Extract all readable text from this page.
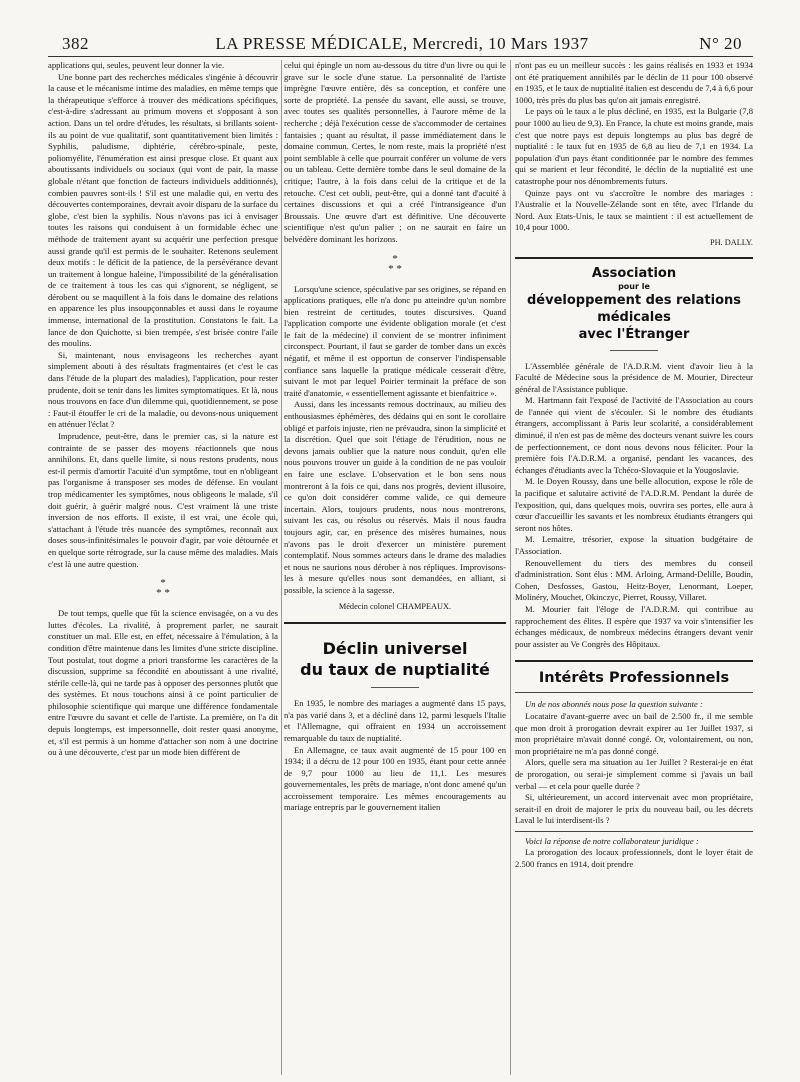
382	LA PRESSE MÉDICALE, Mercredi, 10 Mars 1937	N° 20

applications qui, seules, peuvent leur donner la vie.

Une bonne part des recherches médicales s'ingénie à découvrir la cause et le mécanisme intime des maladies, en même temps que la thérapeutique s'efforce à trouver des médications spécifiques, c'est-à-dire s'adressant au primum movens et s'opposant à son action. Dans un tel ordre d'études, les résultats, si brillants soient-ils au point de vue qualitatif, sont quantitativement bien limités : Syphilis, paludisme, diphtérie, cérébro-spinale, peste, poliomyélite, l'énumération est ainsi presque close. Et quant aux aboutissants individuels ou sociaux (qui vont de pair, la masse globale n'étant que fonction de facteurs individuels additionnés), combien pauvres sont-ils ! S'il est une maladie qui, en vertu des découvertes contemporaines, devrait avoir disparu de la surface du globe, c'est bien la syphilis. Nous n'avons pas ici à envisager toutes les raisons qui conduisent à un formidable échec une méthode de traitement ayant su acquérir une perfection presque aussi grande qu'il est permis de le souhaiter. Retenons seulement deux motifs : le déficit de la patience, de la persévérance devant un traitement à longue haleine, l'impossibilité de la généralisation de ce traitement à tous les cas qui s'ignorent, se négligent, se dérobent ou se maquillent à la fois dans le domaine des relations en apparence les plus insoupçonnables et aussi dans le royaume immense, international de la prostitution. Constatons le fait. La lance de don Quichotte, si bien trempée, s'est brisée contre l'aile des moulins.

Si, maintenant, nous envisageons les recherches ayant simplement abouti à des résultats fragmentaires (et c'est le cas dans l'étude de la plupart des maladies), l'application, pour rester prudente, doit se tenir dans les limites symptomatiques. Et là, nous nous trouvons en face d'un dilemme qui, quotidiennement, se pose : Faut-il étouffer le cri de la maladie, ou devons-nous uniquement en atténuer l'éclat ?

Imprudence, peut-être, dans le premier cas, si la nature est contrainte de se passer des moyens réactionnels que nous annihilons. Et, dans quelle limite, si nous restons prudents, nous est-il permis d'amortir l'acuité d'un symptôme, tout en n'obligeant pas l'organisme à transposer ses modes de défense. En voulant trop médicamenter les symptômes, nous obligeons le malade, s'il doit guérir, à guérir malgré nous. C'est vraiment là une triste inversion de nos efforts. Il existe, il est vrai, une école qui, s'attachant à l'étude très nuancée des symptômes, reconnaît aux doses sous-infinitésimales le pouvoir d'agir, par voie détournée et en quelque sorte rétrograde, sur la cause même des maladies. Mais c'est là une autre question.

*
* *

De tout temps, quelle que fût la science envisagée, on a vu des luttes d'écoles. La rivalité, à proprement parler, ne saurait constituer un mal. Elle est, en effet, nécessaire à l'émulation, à la condition d'être maintenue dans les limites d'une stricte discipline. Tout postulat, tout dogme a priori transforme les caractères de la discussion, supprime sa fécondité en aboutissant à une rivalité, stérile celle-là, qui ne tarde pas à opposer des personnes plutôt que des systèmes. Et nous touchons ainsi à ce point particulier de philosophie scientifique qui marque une différence fondamentale entre l'œuvre du savant et celle de l'artiste. La première, on l'a dit depuis longtemps, est impersonnelle, doit rester quasi anonyme, et, s'il est permis à un homme d'attacher son nom à une doctrine ou à une découverte, c'est par un mode bien différent de

celui qui épingle un nom au-dessous du titre d'un livre ou qui le grave sur le socle d'une statue. La personnalité de l'artiste imprègne l'œuvre entière, dès sa conception, et confère une sorte de propriété. La pensée du savant, elle aussi, se trouve, avec toutes ses qualités personnelles, à l'aurore même de la recherche ; déjà l'exécution cesse de s'accommoder de certaines fantaisies ; quant au résultat, il passe immédiatement dans le domaine commun. Certes, le nom reste, mais la propriété n'est point semblable à celle que pourrait conférer un volume de vers ou un tableau. Cette dernière tombe dans le seul domaine de la critique; l'autre, à la fois dans celui de la critique et de la retouche. C'est cet oubli, peut-être, qui a donné tant d'acuité à certaines discussions et qui a créé l'intransigeance d'un Broussais. Une œuvre d'art est définitive. Une découverte scientifique n'est qu'un palier ; on ne saurait en faire un belvédère dominant les horizons.

*
* *

Lorsqu'une science, spéculative par ses origines, se répand en applications pratiques, elle n'a donc pu atteindre qu'un nombre bien restreint de certitudes, toutes discursives. Quand l'application comporte une évidente obligation morale (et c'est le fait de la médecine) il convient de se montrer infiniment circonspect. Pourtant, il faut se garder de tomber dans un excès négatif, et même il est opportun de conserver l'indispensable confiance sans laquelle la pratique médicale cesserait d'être, suivant le mot par lequel Poirier terminait la préface de son traité d'anatomie, « essentiellement agissante et bienfaitrice ».

Aussi, dans les incessants remous doctrinaux, au milieu des enthousiasmes éphémères, des dédains qui en sont le corollaire obligé et parfois injuste, rien ne prévaudra, sinon la simplicité et la discrétion. Quel que soit l'étiage de l'érudition, nous ne devons jamais oublier que la nature nous conduit, qu'en elle nous pouvons trouver un guide à la condition de ne pas vouloir en faire une esclave. L'observation et le bon sens nous montreront à la fois ce qui, dans nos progrès, devient illusoire, ce qu'on doit considérer comme valide, ce qui demeure incertain. Alors, toujours prudents, nous nous montrerons, suivant les cas, ou résolus ou réservés. Mais il nous faudra toujours agir, car, en présence des misères humaines, nous n'avons pas le droit d'exercer un ministère purement contemplatif. Nous sommes acteurs dans le drame des maladies et nous ne saurions nous dérober à nos répliques. Improvisons-les à mesure qu'elles nous sont demandées, en alliant, si possible, la science à la sagesse.

Médecin colonel CHAMPEAUX.
Déclin universel
du taux de nuptialité

En 1935, le nombre des mariages a augmenté dans 15 pays, n'a pas varié dans 3, et a décliné dans 12, parmi lesquels l'Italie et l'Allemagne, qui offraient en 1934 un accroissement remarquable du taux de nuptialité.

En Allemagne, ce taux avait augmenté de 15 pour 100 en 1934; il a décru de 12 pour 100 en 1935, étant pour cette année de 9,7 pour 1000 au lieu de 11,1. Les mesures gouvernementales, les prêts de mariage, n'ont donc amené qu'un accroissement temporaire. Les mêmes encouragements au mariage entrepris par le gouvernement italien

n'ont pas eu un meilleur succès : les gains réalisés en 1933 et 1934 ont été pratiquement annihilés par le déclin de 11 pour 100 observé en 1935, et le taux de nuptialité italien est descendu de 7,4 à 6,6 pour 1000, très près du plus bas qu'on ait jamais enregistré.

Le pays où le taux a le plus décliné, en 1935, est la Bulgarie (7,8 pour 1000 au lieu de 9,3). En France, la chute est moins grande, mais c'est que notre pays est depuis longtemps au plus bas degré de nuptialité : le taux fut en 1935 de 6,8 au lieu de 7,1 en 1934. La population d'un pays étant conditionnée par le nombre des femmes qui se marient et leur fécondité, le déclin de la nuptialité est une catastrophe pour nos dénombrements futurs.

Quinze pays ont vu s'accroître le nombre des mariages : l'Australie et la Nouvelle-Zélande sont en tête, avec l'Irlande du Nord. Aux Etats-Unis, le taux se maintient : il est actuellement de 10,4 pour 1000.

PH. DALLY.
Association
pour le
développement des relations médicales
avec l'Étranger

L'Assemblée générale de l'A.D.R.M. vient d'avoir lieu à la Faculté de Médecine sous la présidence de M. Mourier, Directeur général de l'Assistance publique.

M. Hartmann fait l'exposé de l'activité de l'Association au cours de l'année qui vient de s'écouler. Si le nombre des étudiants étrangers, accomplissant à Paris leur scolarité, a considérablement diminué, il n'en est pas de même des docteurs venant suivre les cours de perfectionnement, ce dont nous devons nous féliciter. Pour la première fois l'A.D.R.M. a organisé, pendant les vacances, des échanges d'étudiants avec la Tchéco-Slovaquie et la Yougoslavie.

M. le Doyen Roussy, dans une belle allocution, expose le rôle de la pacifique et salutaire activité de l'A.D.R.M. Pendant la durée de l'exposition, qui, dans quelques mois, ouvrira ses portes, elle aura à cœur d'accueillir les savants et les nombreux étudiants étrangers qui seront nos hôtes.

M. Lemaitre, trésorier, expose la situation budgétaire de l'Association.

Renouvellement du tiers des membres du conseil d'administration. Sont élus : MM. Arloing, Armand-Delille, Boudin, Cohen, Desfosses, Gastou, Heitz-Boyer, Lenormant, Loeper, Molinéry, Mouchet, Okinczyc, Pierret, Roussy, Villaret.

M. Mourier fait l'éloge de l'A.D.R.M. qui contribue au rapprochement des élites. Il espère que 1937 va voir s'intensifier les échanges médicaux, de nombreux médecins étrangers devant venir pour assister au Ve Congrès des Hôpitaux.

Intérêts Professionnels

Un de nos abonnés nous pose la question suivante :

Locataire d'avant-guerre avec un bail de 2.500 fr., il me semble que mon droit à prorogation devrait expirer au 1er Juillet 1937, si mon propriétaire m'avait donné congé. Or, volontairement, ou non, mon propriétaire ne m'a pas donné congé.

Alors, quelle sera ma situation au 1er Juillet ? Resterai-je en état de prorogation, ou serai-je simplement comme si j'avais un bail verbal — et cela pour quelle durée ?

Si, ultérieurement, un accord intervenait avec mon propriétaire, serait-il en droit de majorer le prix du nouveau bail, ou les décrets Laval le lui interdisent-ils ?

Voici la réponse de notre collaborateur juridique :

La prorogation des locaux professionnels, dont le loyer était de 2.500 francs en 1914, doit prendre
